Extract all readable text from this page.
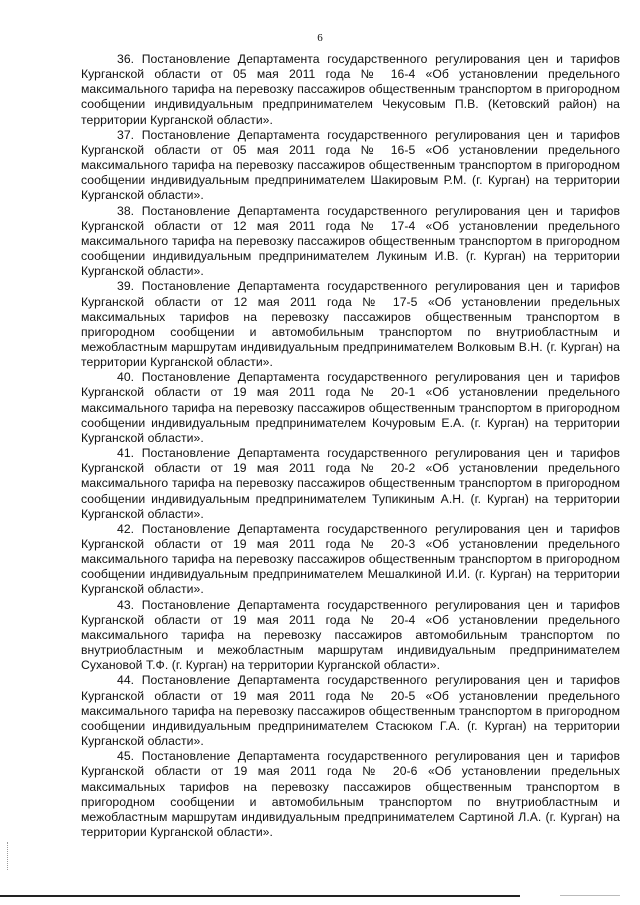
6

36. Постановление Департамента государственного регулирования цен и тарифов Курганской области от 05 мая 2011 года № 16-4 «Об установлении предельного максимального тарифа на перевозку пассажиров общественным транспортом в пригородном сообщении индивидуальным предпринимателем Чекусовым П.В. (Кетовский район) на территории Курганской области».

37. Постановление Департамента государственного регулирования цен и тарифов Курганской области от 05 мая 2011 года № 16-5 «Об установлении предельного максимального тарифа на перевозку пассажиров общественным транспортом в пригородном сообщении индивидуальным предпринимателем Шакировым Р.М. (г. Курган) на территории Курганской области».

38. Постановление Департамента государственного регулирования цен и тарифов Курганской области от 12 мая 2011 года № 17-4 «Об установлении предельного максимального тарифа на перевозку пассажиров общественным транспортом в пригородном сообщении индивидуальным предпринимателем Лукиным И.В. (г. Курган) на территории Курганской области».

39. Постановление Департамента государственного регулирования цен и тарифов Курганской области от 12 мая 2011 года № 17-5 «Об установлении предельных максимальных тарифов на перевозку пассажиров общественным транспортом в пригородном сообщении и автомобильным транспортом по внутриобластным и межобластным маршрутам индивидуальным предпринимателем Волковым В.Н. (г. Курган) на территории Курганской области».

40. Постановление Департамента государственного регулирования цен и тарифов Курганской области от 19 мая 2011 года № 20-1 «Об установлении предельного максимального тарифа на перевозку пассажиров общественным транспортом в пригородном сообщении индивидуальным предпринимателем Кочуровым Е.А. (г. Курган) на территории Курганской области».

41. Постановление Департамента государственного регулирования цен и тарифов Курганской области от 19 мая 2011 года № 20-2 «Об установлении предельного максимального тарифа на перевозку пассажиров общественным транспортом в пригородном сообщении индивидуальным предпринимателем Тупикиным А.Н. (г. Курган) на территории Курганской области».

42. Постановление Департамента государственного регулирования цен и тарифов Курганской области от 19 мая 2011 года № 20-3 «Об установлении предельного максимального тарифа на перевозку пассажиров общественным транспортом в пригородном сообщении индивидуальным предпринимателем Мешалкиной И.И. (г. Курган) на территории Курганской области».

43. Постановление Департамента государственного регулирования цен и тарифов Курганской области от 19 мая 2011 года № 20-4 «Об установлении предельного максимального тарифа на перевозку пассажиров автомобильным транспортом по внутриобластным и межобластным маршрутам индивидуальным предпринимателем Сухановой Т.Ф. (г. Курган) на территории Курганской области».

44. Постановление Департамента государственного регулирования цен и тарифов Курганской области от 19 мая 2011 года № 20-5 «Об установлении предельного максимального тарифа на перевозку пассажиров общественным транспортом в пригородном сообщении индивидуальным предпринимателем Стасюком Г.А. (г. Курган) на территории Курганской области».

45. Постановление Департамента государственного регулирования цен и тарифов Курганской области от 19 мая 2011 года № 20-6 «Об установлении предельных максимальных тарифов на перевозку пассажиров общественным транспортом в пригородном сообщении и автомобильным транспортом по внутриобластным и межобластным маршрутам индивидуальным предпринимателем Сартиной Л.А. (г. Курган) на территории Курганской области».
